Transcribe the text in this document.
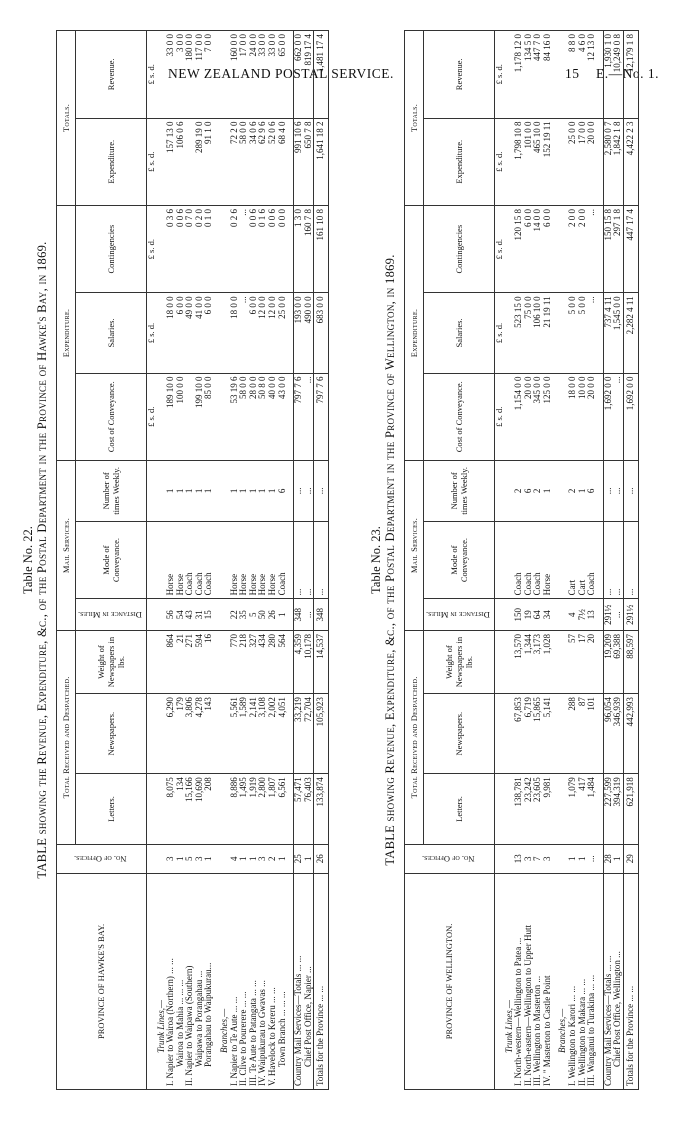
NEW ZEALAND POSTAL SERVICE.	15 E.—No. 1.
Table No. 22. TABLE showing the Revenue, Expenditure, &c., of the Postal Department in the Province of Hawke's Bay, in 1869.
PROVINCE OF HAWKE'S BAY.	No. of Offices.	Total Received and Despatched.			Mail Services.			Expenditure.			Totals.	
		Letters.	Newspapers.	Weight of Newspapers in lbs.	Distance in Miles.	Mode of Conveyance.	Number of times Weekly.	Cost of Conveyance.	Salaries.	Contingencies	Expenditure.	Revenue.
								£ s. d.	£ s. d.	£ s. d.	£ s. d.	£ s. d.
Trunk Lines,—												
I. Napier to Wairoa (Northern) ... ...	3	8,075	6,290	864	56	Horse	1	189 10 0	18 0 0	0 3 6	157 13 0	33 0 0
Wairoa to Mahia ... ... ...	1	134	179	21	54	Horse	1	100 0 0	6 0 0	0 0 6	106 0 6	3 0 0
II. Napier to Waipawa (Southern)	5	15,166	3,806	271	43	Coach	1		49 0 0	0 7 0		180 0 0
Waipawa to Porangahau ...	3	10,690	4,278	594	31	Coach	1	199 10 0	41 0 0	0 2 0	289 19 0	117 0 0
Porangahau to Waipukurau...	1	208	143	16	15	Coach	1	85 0 0	6 0 0	0 1 0	91 1 0	7 0 0

Branches,—												
I. Napier to Te Aute ... ...	4	8,886	5,561	770	22	Horse	1	53 19 6	18 0 0	0 2 6	72 2 0	160 0 0
II. Clive to Pourerere ... ...	1	1,495	1,589	218	35	Horse	1	58 0 0	...	...	58 0 0	17 0 0
III. Te Aute to Patangata ... ...	1	1,919	2,141	327	5	Horse	1	28 0 0	6 0 0	0 0 6	34 0 6	24 0 0
IV. Waipukurau to Gwavas ...	3	2,800	3,108	434	50	Horse	1	50 8 0	12 0 0	0 1 6	62 9 6	33 0 0
V. Havelock to Kereru ... ...	2	1,807	2,002	280	26	Horse	1	40 0 0	12 0 0	0 0 6	52 0 6	33 0 0
Town Branch ... ... ...	1	6,561	4,051	564	1	Coach	6	43 0 0	25 0 0	0 0 0	68 4 0	65 0 0

Country Mail Services—Totals ... ...	25	57,471	33,219	4,359	348	...	...	797 7 6	193 0 0	1 3 0	991 10 6	662 0 0
Chief Post Office, Napier ...	1	76,403	72,704	10,178	...	...	...	...	490 0 0	160 7 8	650 7 8	819 17 4
Totals for the Province ... ...	26	133,874	105,923	14,537	348	...	...	797 7 6	683 0 0	161 10 8	1,641 18 2	1,481 17 4
Table No. 23. TABLE showing Revenue, Expenditure, &c., of the Postal Department in the Province of Wellington, in 1869.
PROVINCE OF WELLINGTON.	No. of Offices.	Total Received and Despatched.			Mail Services.			Expenditure.			Totals.	
		Letters.	Newspapers.	Weight of Newspapers in lbs.	Distance in Miles.	Mode of Conveyance.	Number of times Weekly.	Cost of Conveyance.	Salaries.	Contingencies	Expenditure.	Revenue.
								£ s. d.	£ s. d.	£ s. d.	£ s. d.	£ s. d.
Trunk Lines,—												
I. North-western—Wellington to Patea ...	13	138,781	67,853	13,570	150	Coach	2	1,154 0 0	523 15 0	120 15 8	1,798 10 8	1,178 12 0
II. North-eastern—Wellington to Upper Hutt	3	23,242	6,719	1,344	19	Coach	6	20 0 0	75 0 0	6 0 0	101 0 0	134 5 0
III. Wellington to Masterton ...	7	23,605	15,865	3,173	64	Coach	2	345 0 0	106 10 0	14 0 0	465 10 0	447 7 0
IV. " Masterton to Castle Point	3	9,981	5,141	1,028	34	Horse	1	125 0 0	21 19 11	6 0 0	152 19 11	84 16 0

Branches,—												
I. Wellington to Karori ... ...	1	1,079	288	57	4	Cart	2	18 0 0	5 0 0	2 0 0	25 0 0	8 8 0
II. Wellington to Makara ... ...	1	417	87	17	7½	Cart	1	10 0 0	5 0 0	2 0 0	17 0 0	4 6 0
III. Wanganui to Turakina ... ...	...	1,484	101	20	13	Coach	6	20 0 0	...	...	20 0 0	12 13 0

Country Mail Services—Totals ... ...	28	227,599	96,054	19,209	291½	...	...	1,692 0 0	737 4 11	150 15 8	2,580 0 7	1,930 1 0
Chief Post Office, Wellington ...	1	394,319	346,939	69,388	...	...	...	...	1,545 0 0	297 1 8	1,842 1 8	10,249 0 8
Totals for the Province ... ...	29	621,918	442,993	88,597	291½	...	...	1,692 0 0	2,282 4 11	447 17 4	4,422 2 3	12,179 1 8
